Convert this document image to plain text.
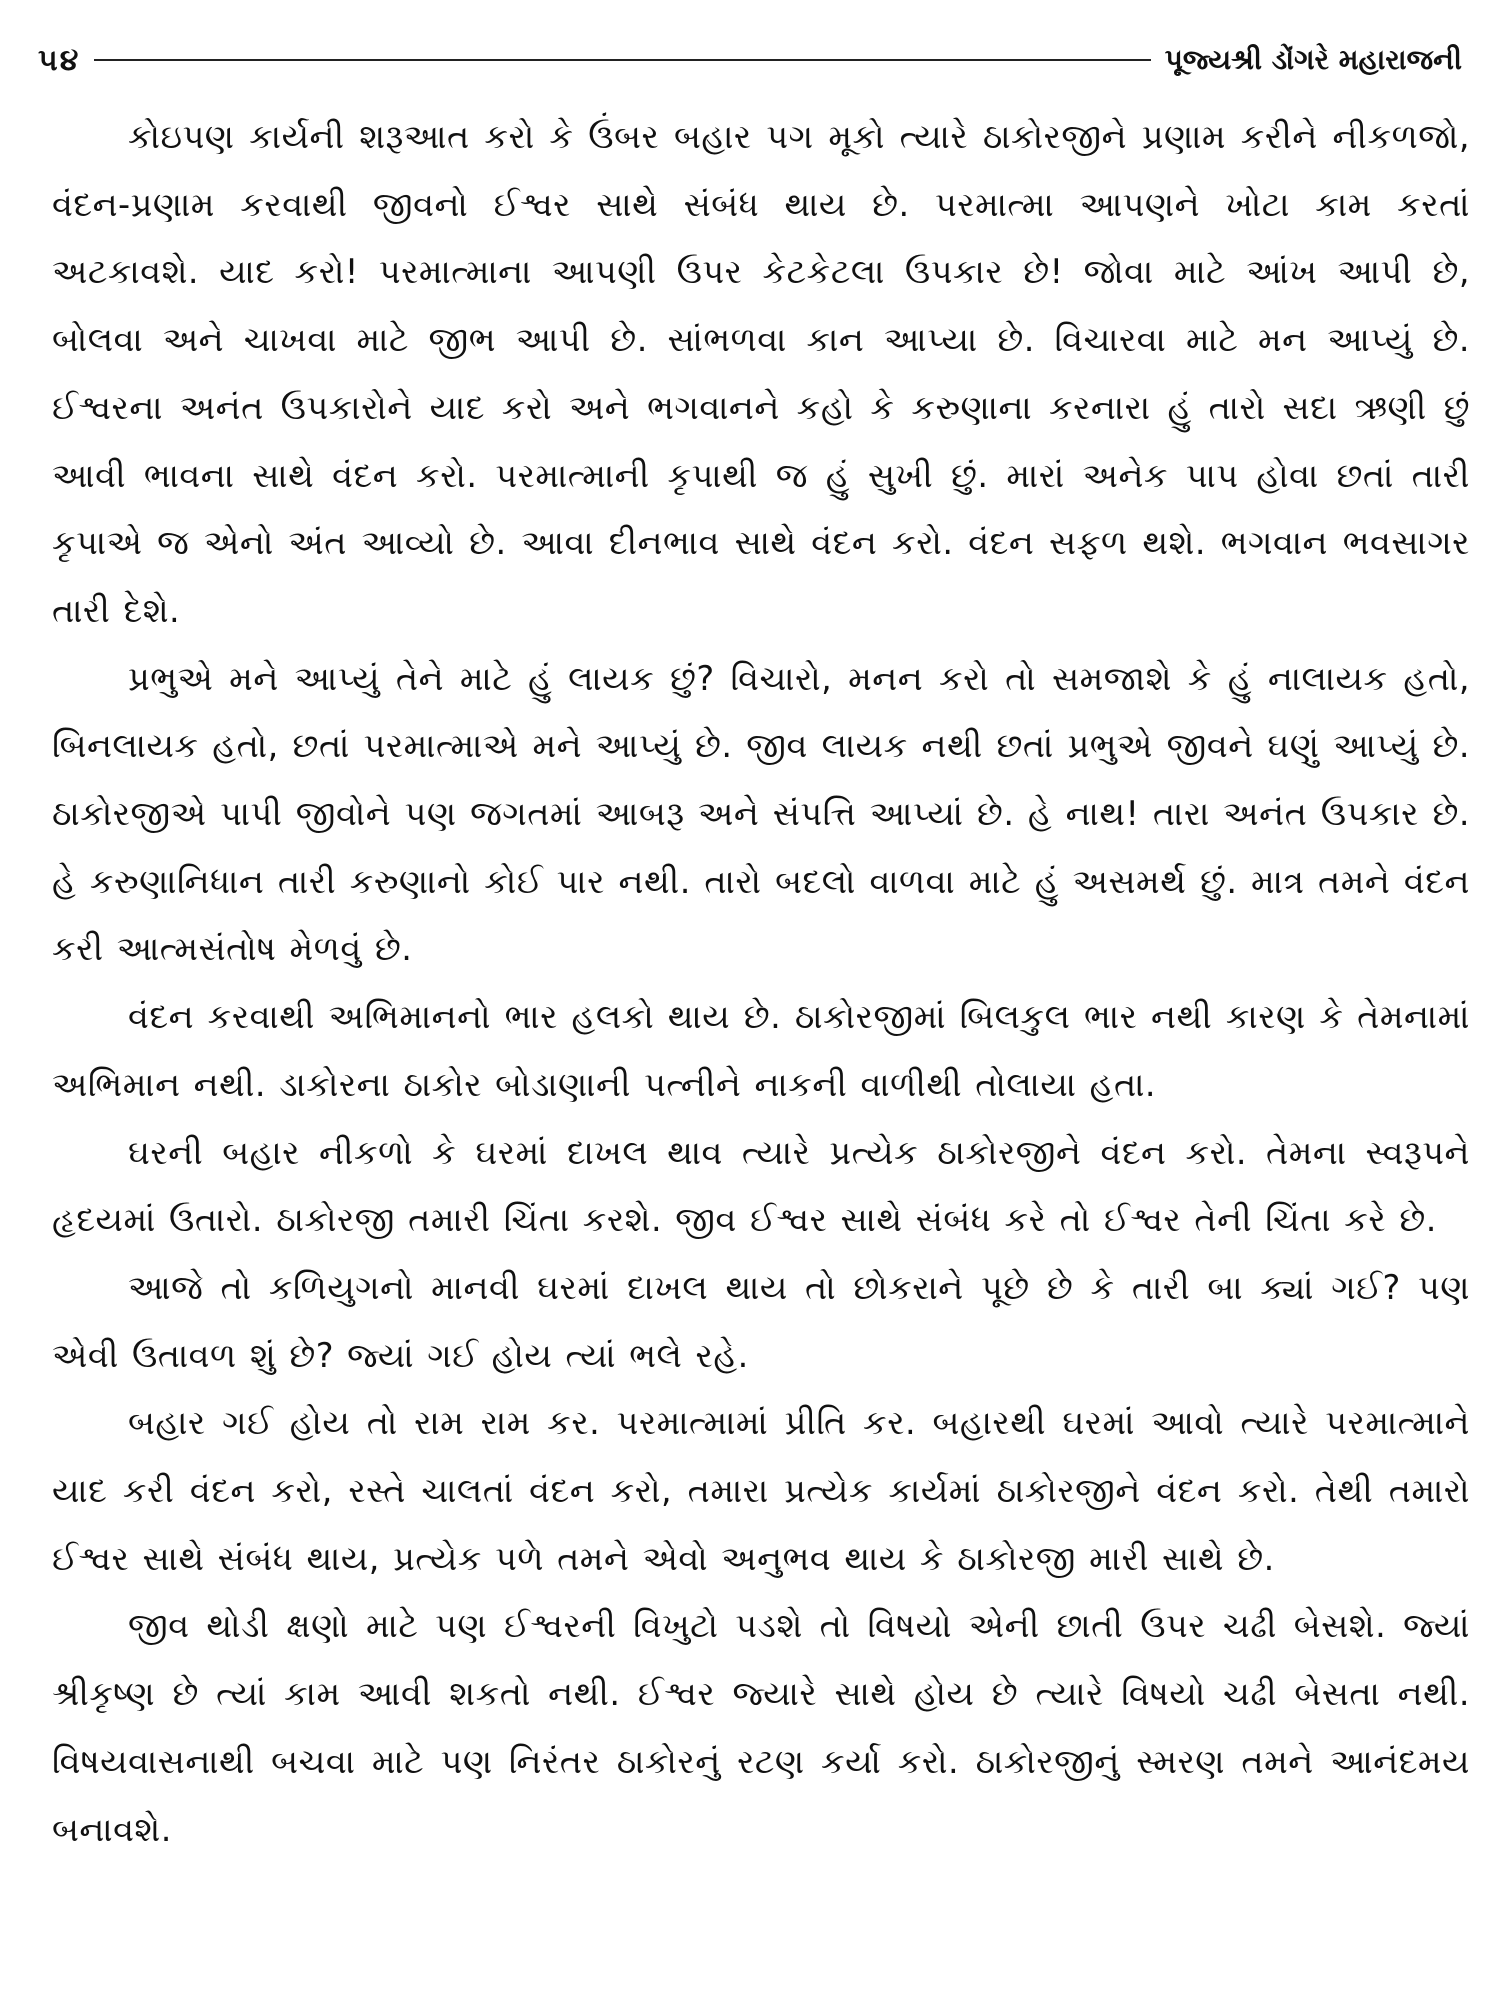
૫૪	પૂજ્યશ્રી ડોંગરે મહારાજની

કોઇપણ કાર્યની શરૂઆત કરો કે ઉંબર બહાર પગ મૂકો ત્યારે ઠાકોરજીને પ્રણામ કરીને નીકળજો, વંદન-પ્રણામ કરવાથી જીવનો ઈશ્વર સાથે સંબંધ થાય છે. પરમાત્મા આપણને ખોટા કામ કરતાં અટકાવશે. યાદ કરો! પરમાત્માના આપણી ઉપર કેટકેટલા ઉપકાર છે! જોવા માટે આંખ આપી છે, બોલવા અને ચાખવા માટે જીભ આપી છે. સાંભળવા કાન આપ્યા છે. વિચારવા માટે મન આપ્યું છે. ઈશ્વરના અનંત ઉપકારોને યાદ કરો અને ભગવાનને કહો કે કરુણાના કરનારા હું તારો સદા ઋણી છું આવી ભાવના સાથે વંદન કરો. પરમાત્માની કૃપાથી જ હું સુખી છું. મારાં અનેક પાપ હોવા છતાં તારી કૃપાએ જ એનો અંત આવ્યો છે. આવા દીનભાવ સાથે વંદન કરો. વંદન સફળ થશે. ભગવાન ભવસાગર તારી દેશે.

પ્રભુએ મને આપ્યું તેને માટે હું લાયક છું? વિચારો, મનન કરો તો સમજાશે કે હું નાલાયક હતો, બિનલાયક હતો, છતાં પરમાત્માએ મને આપ્યું છે. જીવ લાયક નથી છતાં પ્રભુએ જીવને ઘણું આપ્યું છે. ઠાકોરજીએ પાપી જીવોને પણ જગતમાં આબરૂ અને સંપત્તિ આપ્યાં છે. હે નાથ! તારા અનંત ઉપકાર છે. હે કરુણાનિધાન તારી કરુણાનો કોઈ પાર નથી. તારો બદલો વાળવા માટે હું અસમર્થ છું. માત્ર તમને વંદન કરી આત્મસંતોષ મેળવું છે.

વંદન કરવાથી અભિમાનનો ભાર હલકો થાય છે. ઠાકોરજીમાં બિલકુલ ભાર નથી કારણ કે તેમનામાં અભિમાન નથી. ડાકોરના ઠાકોર બોડાણાની પત્નીને નાકની વાળીથી તોલાયા હતા.

ઘરની બહાર નીકળો કે ઘરમાં દાખલ થાવ ત્યારે પ્રત્યેક ઠાકોરજીને વંદન કરો. તેમના સ્વરૂપને હૃદયમાં ઉતારો. ઠાકોરજી તમારી ચિંતા કરશે. જીવ ઈશ્વર સાથે સંબંધ કરે તો ઈશ્વર તેની ચિંતા કરે છે.

આજે તો કળિયુગનો માનવી ઘરમાં દાખલ થાય તો છોકરાને પૂછે છે કે તારી બા ક્યાં ગઈ? પણ એવી ઉતાવળ શું છે? જ્યાં ગઈ હોય ત્યાં ભલે રહે.

બહાર ગઈ હોય તો રામ રામ કર. પરમાત્મામાં પ્રીતિ કર. બહારથી ઘરમાં આવો ત્યારે પરમાત્માને યાદ કરી વંદન કરો, રસ્તે ચાલતાં વંદન કરો, તમારા પ્રત્યેક કાર્યમાં ઠાકોરજીને વંદન કરો. તેથી તમારો ઈશ્વર સાથે સંબંધ થાય, પ્રત્યેક પળે તમને એવો અનુભવ થાય કે ઠાકોરજી મારી સાથે છે.

જીવ થોડી ક્ષણો માટે પણ ઈશ્વરની વિખુટો પડશે તો વિષયો એની છાતી ઉપર ચઢી બેસશે. જ્યાં શ્રીકૃષ્ણ છે ત્યાં કામ આવી શકતો નથી. ઈશ્વર જ્યારે સાથે હોય છે ત્યારે વિષયો ચઢી બેસતા નથી. વિષયવાસનાથી બચવા માટે પણ નિરંતર ઠાકોરનું રટણ કર્યા કરો. ઠાકોરજીનું સ્મરણ તમને આનંદમય બનાવશે.
